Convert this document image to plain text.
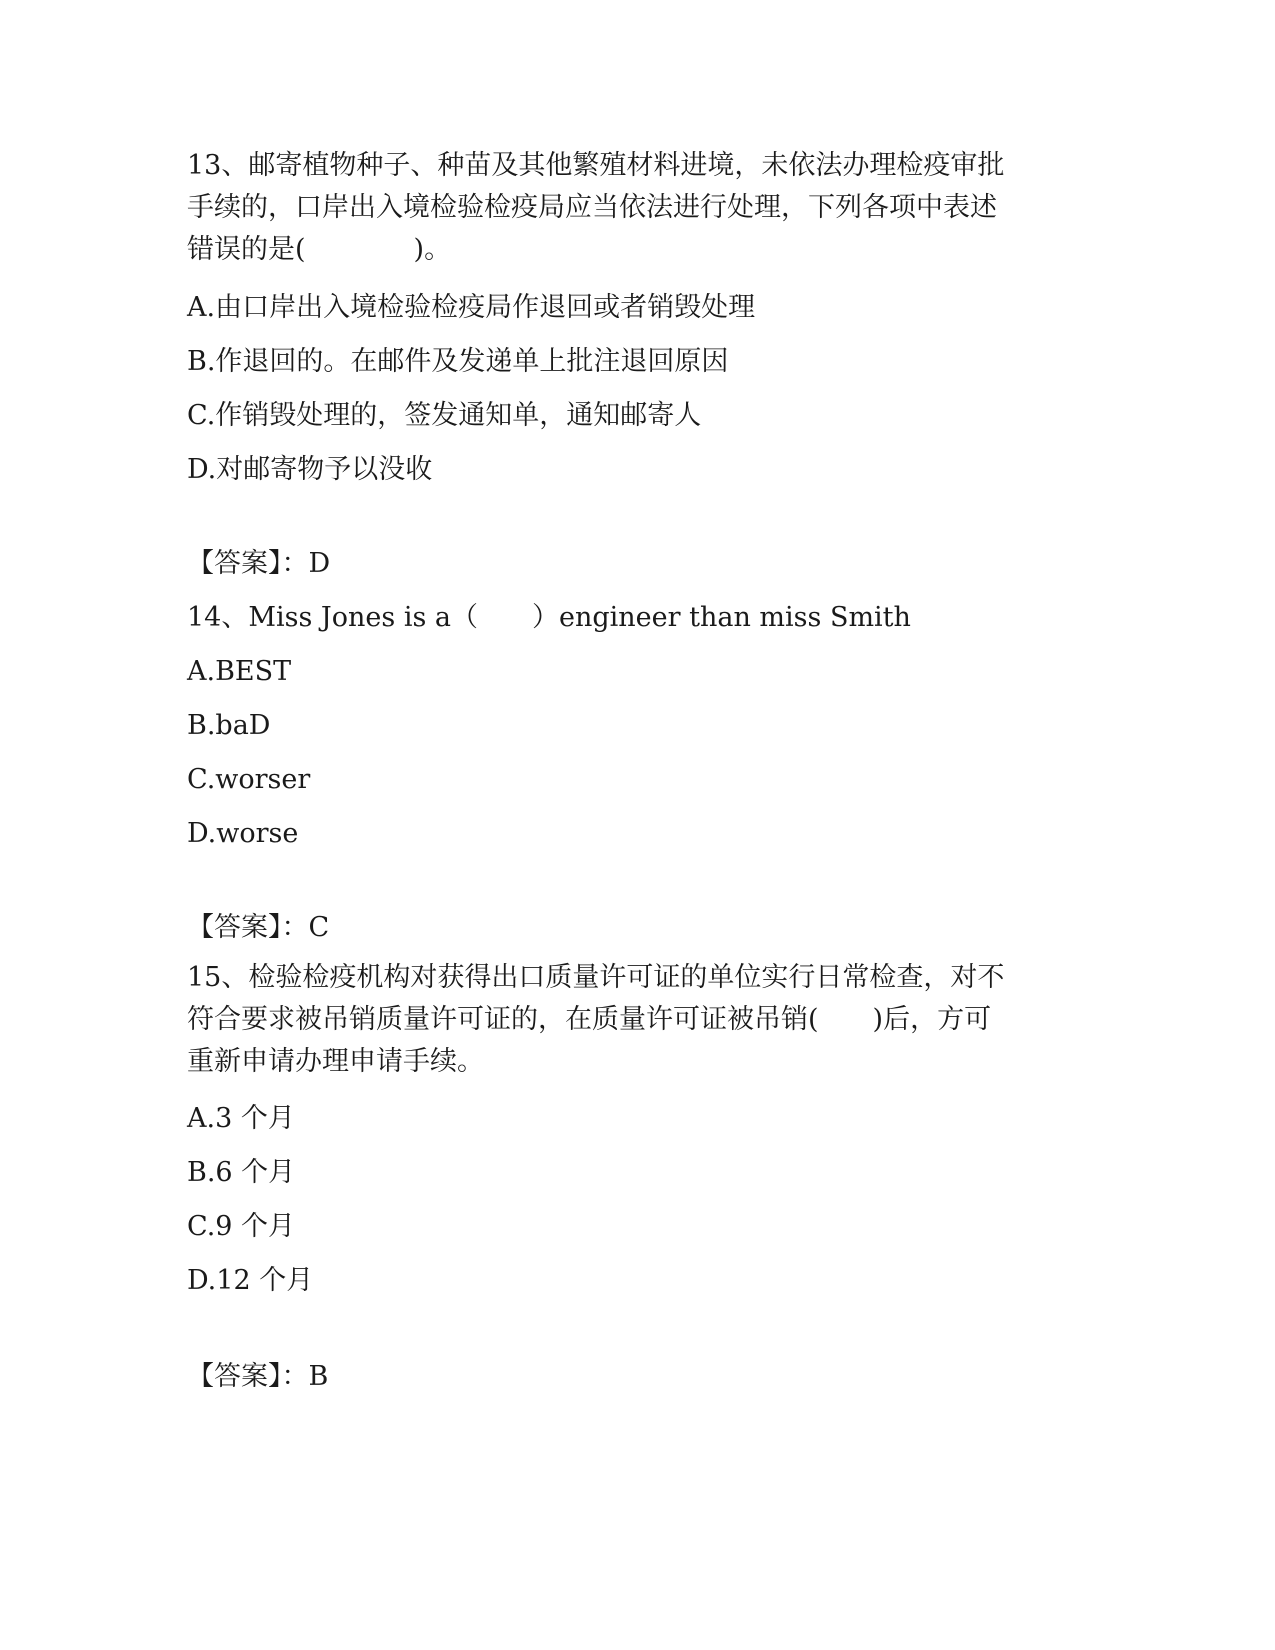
13、邮寄植物种子、种苗及其他繁殖材料进境，未依法办理检疫审批
手续的，口岸出入境检验检疫局应当依法进行处理，下列各项中表述
错误的是(　　　　)。
A.由口岸出入境检验检疫局作退回或者销毁处理
B.作退回的。在邮件及发递单上批注退回原因
C.作销毁处理的，签发通知单，通知邮寄人
D.对邮寄物予以没收
【答案】：D
14、Miss Jones is a（　　）engineer than miss Smith
A.BEST
B.baD
C.worser
D.worse
【答案】：C
15、检验检疫机构对获得出口质量许可证的单位实行日常检查，对不
符合要求被吊销质量许可证的，在质量许可证被吊销(　　)后，方可
重新申请办理申请手续。
A.3 个月
B.6 个月
C.9 个月
D.12 个月
【答案】：B
